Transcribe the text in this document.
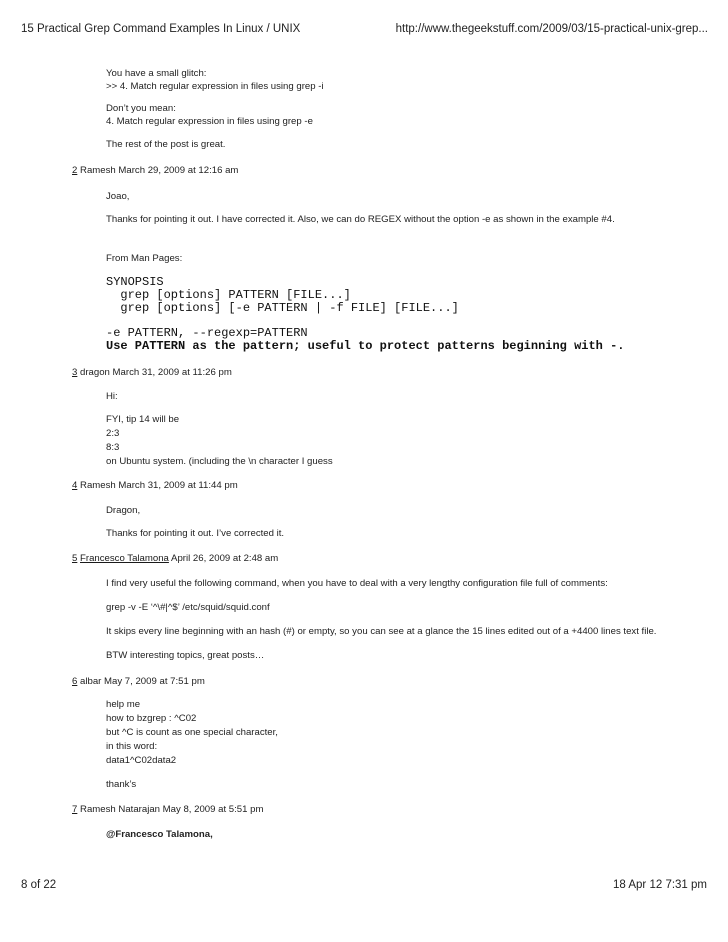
15 Practical Grep Command Examples In Linux / UNIX	http://www.thegeekstuff.com/2009/03/15-practical-unix-grep...
You have a small glitch:
>> 4. Match regular expression in files using grep -i
Don’t you mean:
4. Match regular expression in files using grep -e
The rest of the post is great.
2 Ramesh March 29, 2009 at 12:16 am
Joao,
Thanks for pointing it out. I have corrected it. Also, we can do REGEX without the option -e as shown in the example #4.
From Man Pages:
SYNOPSIS
grep [options] PATTERN [FILE...]
grep [options] [-e PATTERN | -f FILE] [FILE...]
-e PATTERN, --regexp=PATTERN
Use PATTERN as the pattern; useful to protect patterns beginning with -.
3 dragon March 31, 2009 at 11:26 pm
Hi:
FYI, tip 14 will be
2:3
8:3
on Ubuntu system. (including the \n character I guess
4 Ramesh March 31, 2009 at 11:44 pm
Dragon,
Thanks for pointing it out. I’ve corrected it.
5 Francesco Talamona April 26, 2009 at 2:48 am
I find very useful the following command, when you have to deal with a very lengthy configuration file full of comments:
grep -v -E ‘^\#|^$’ /etc/squid/squid.conf
It skips every line beginning with an hash (#) or empty, so you can see at a glance the 15 lines edited out of a +4400 lines text file.
BTW interesting topics, great posts…
6 albar May 7, 2009 at 7:51 pm
help me
how to bzgrep : ^C02
but ^C is count as one special character,
in this word:
data1^C02data2
thank’s
7 Ramesh Natarajan May 8, 2009 at 5:51 pm
@Francesco Talamona,
8 of 22	18 Apr 12 7:31 pm
